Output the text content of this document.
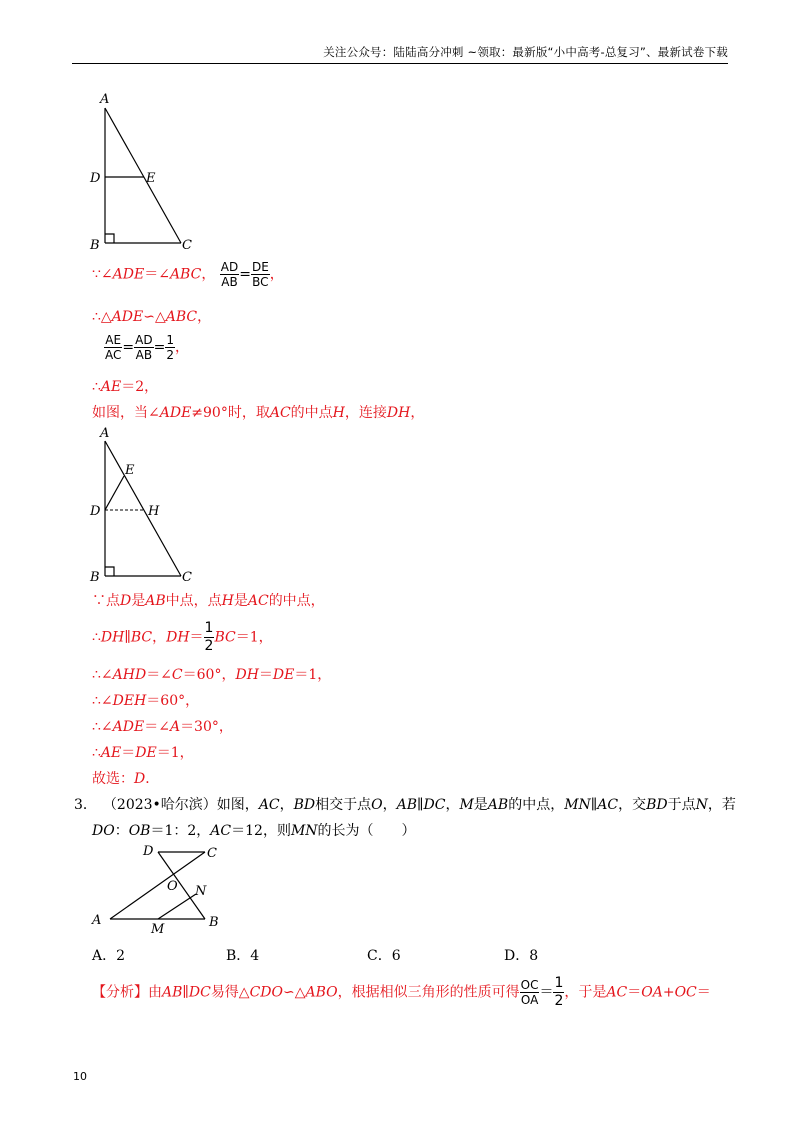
关注公众号：陆陆高分冲刺 ~领取：最新版“小中高考-总复习”、最新试卷下载
A
D	E
B	C
∵∠ADE＝∠ABC， $\frac{AD}{AB} = \frac{DE}{BC}$ ，
∴△ADE∽△ABC，
$\frac{AE}{AC} = \frac{AD}{AB} = \frac{1}{2}$ ，
∴AE＝2，
如图，当∠ADE≠90°时，取AC的中点H，连接DH，
A
E
D	H
B	C
∵点D是AB中点，点H是AC的中点，
∴DH∥BC，$DH= \frac{1}{2} BC=1$，
∴∠AHD＝∠C＝60°，DH＝DE＝1，
∴∠DEH＝60°，
∴∠ADE＝∠A＝30°，
∴AE＝DE＝1，
故选：D．
3． （2023•哈尔滨）如图，AC，BD相交于点O，AB∥DC，M是AB的中点，MN∥AC，交BD于点N，若
DO：OB＝1：2，AC＝12，则MN的长为（　　）
D	C
O N
A
M	B
A．2	B．4	C．6	D．8
【分析】由AB∥DC易得△CDO∽△ABO，根据相似三角形的性质可得 $\frac{OC}{OA} = \frac{1}{2}$ ，于是AC＝OA+OC＝
10
